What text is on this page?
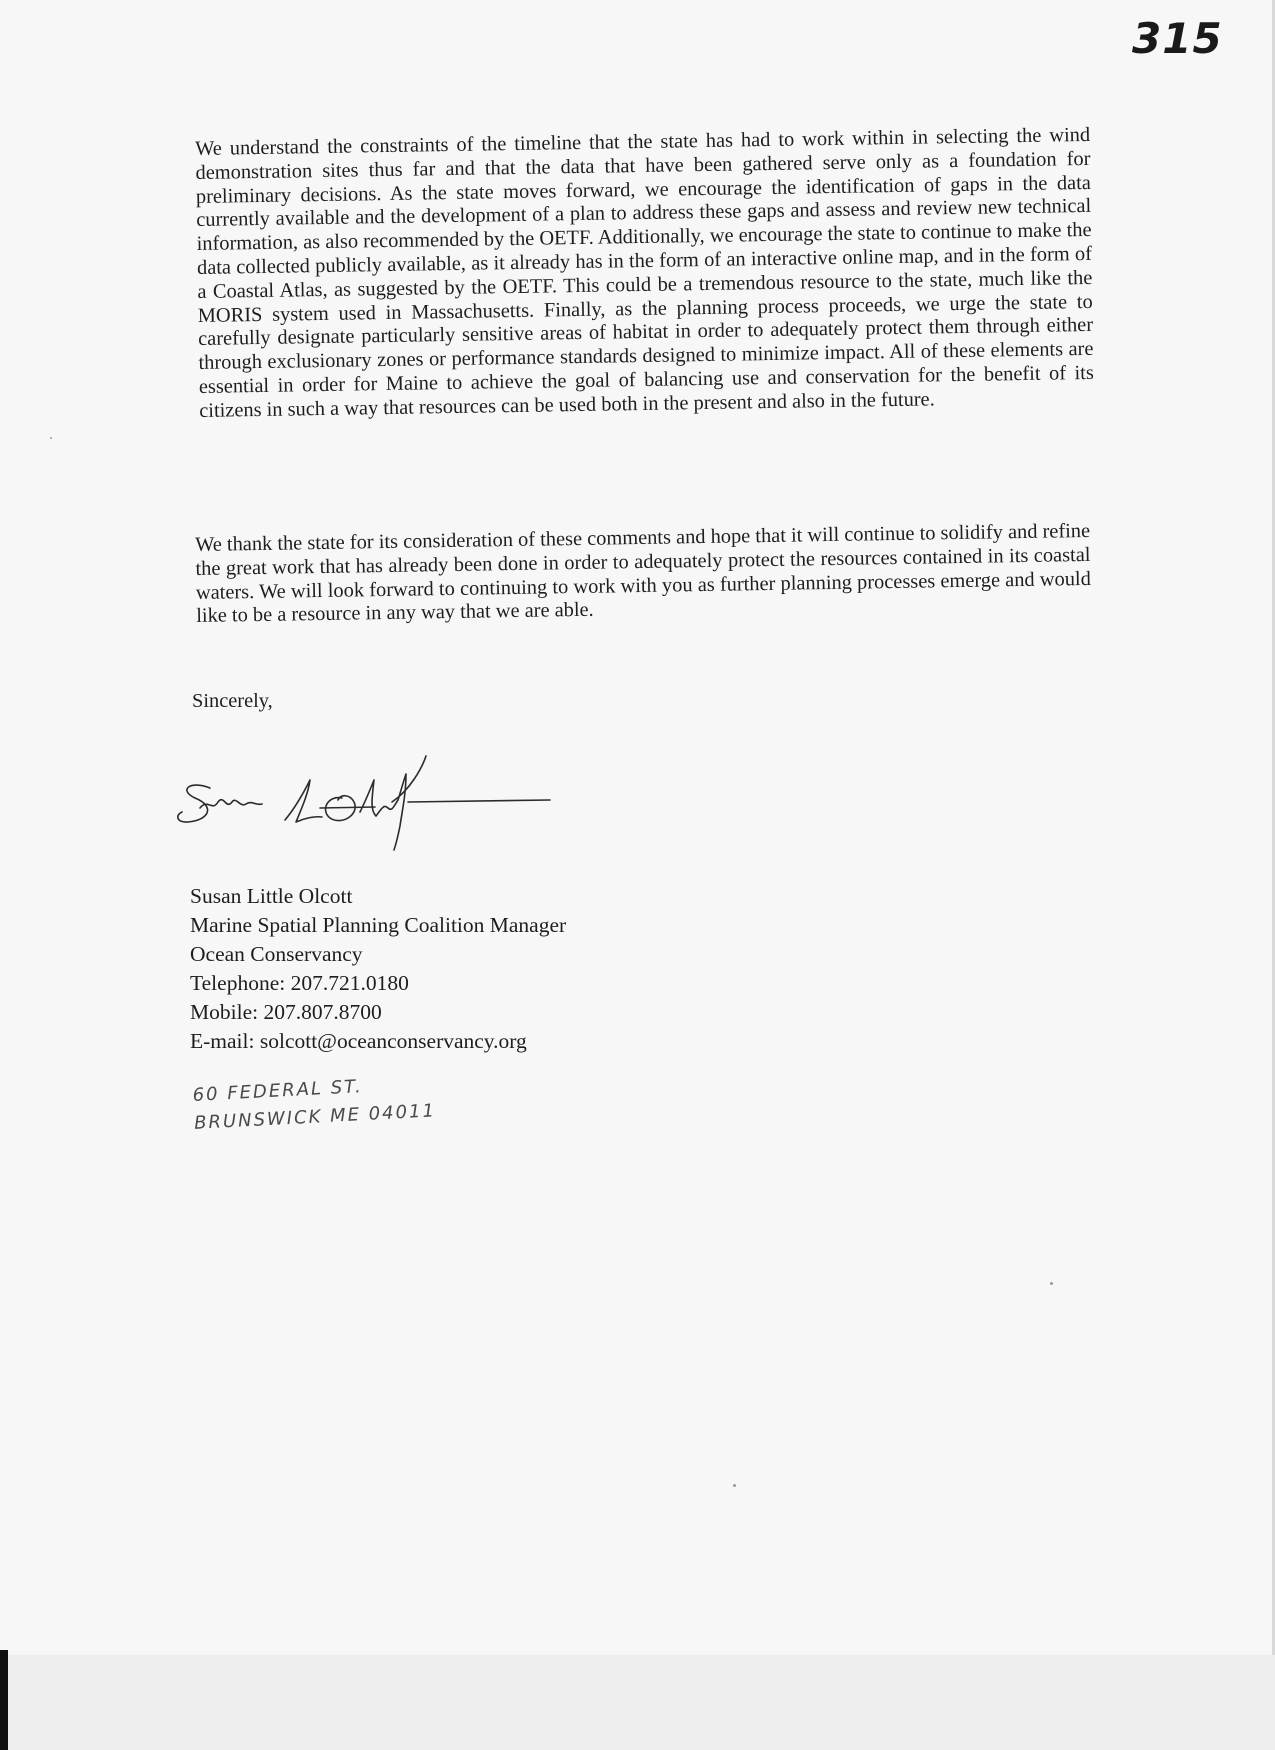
315

We understand the constraints of the timeline that the state has had to work within in selecting the wind demonstration sites thus far and that the data that have been gathered serve only as a foundation for preliminary decisions. As the state moves forward, we encourage the identification of gaps in the data currently available and the development of a plan to address these gaps and assess and review new technical information, as also recommended by the OETF. Additionally, we encourage the state to continue to make the data collected publicly available, as it already has in the form of an interactive online map, and in the form of a Coastal Atlas, as suggested by the OETF. This could be a tremendous resource to the state, much like the MORIS system used in Massachusetts. Finally, as the planning process proceeds, we urge the state to carefully designate particularly sensitive areas of habitat in order to adequately protect them through either through exclusionary zones or performance standards designed to minimize impact. All of these elements are essential in order for Maine to achieve the goal of balancing use and conservation for the benefit of its citizens in such a way that resources can be used both in the present and also in the future.

We thank the state for its consideration of these comments and hope that it will continue to solidify and refine the great work that has already been done in order to adequately protect the resources contained in its coastal waters. We will look forward to continuing to work with you as further planning processes emerge and would like to be a resource in any way that we are able.

Sincerely,

Susan Little Olcott
Marine Spatial Planning Coalition Manager
Ocean Conservancy
Telephone: 207.721.0180
Mobile: 207.807.8700
E-mail: solcott@oceanconservancy.org
60 FEDERAL ST.
BRUNSWICK ME 04011
